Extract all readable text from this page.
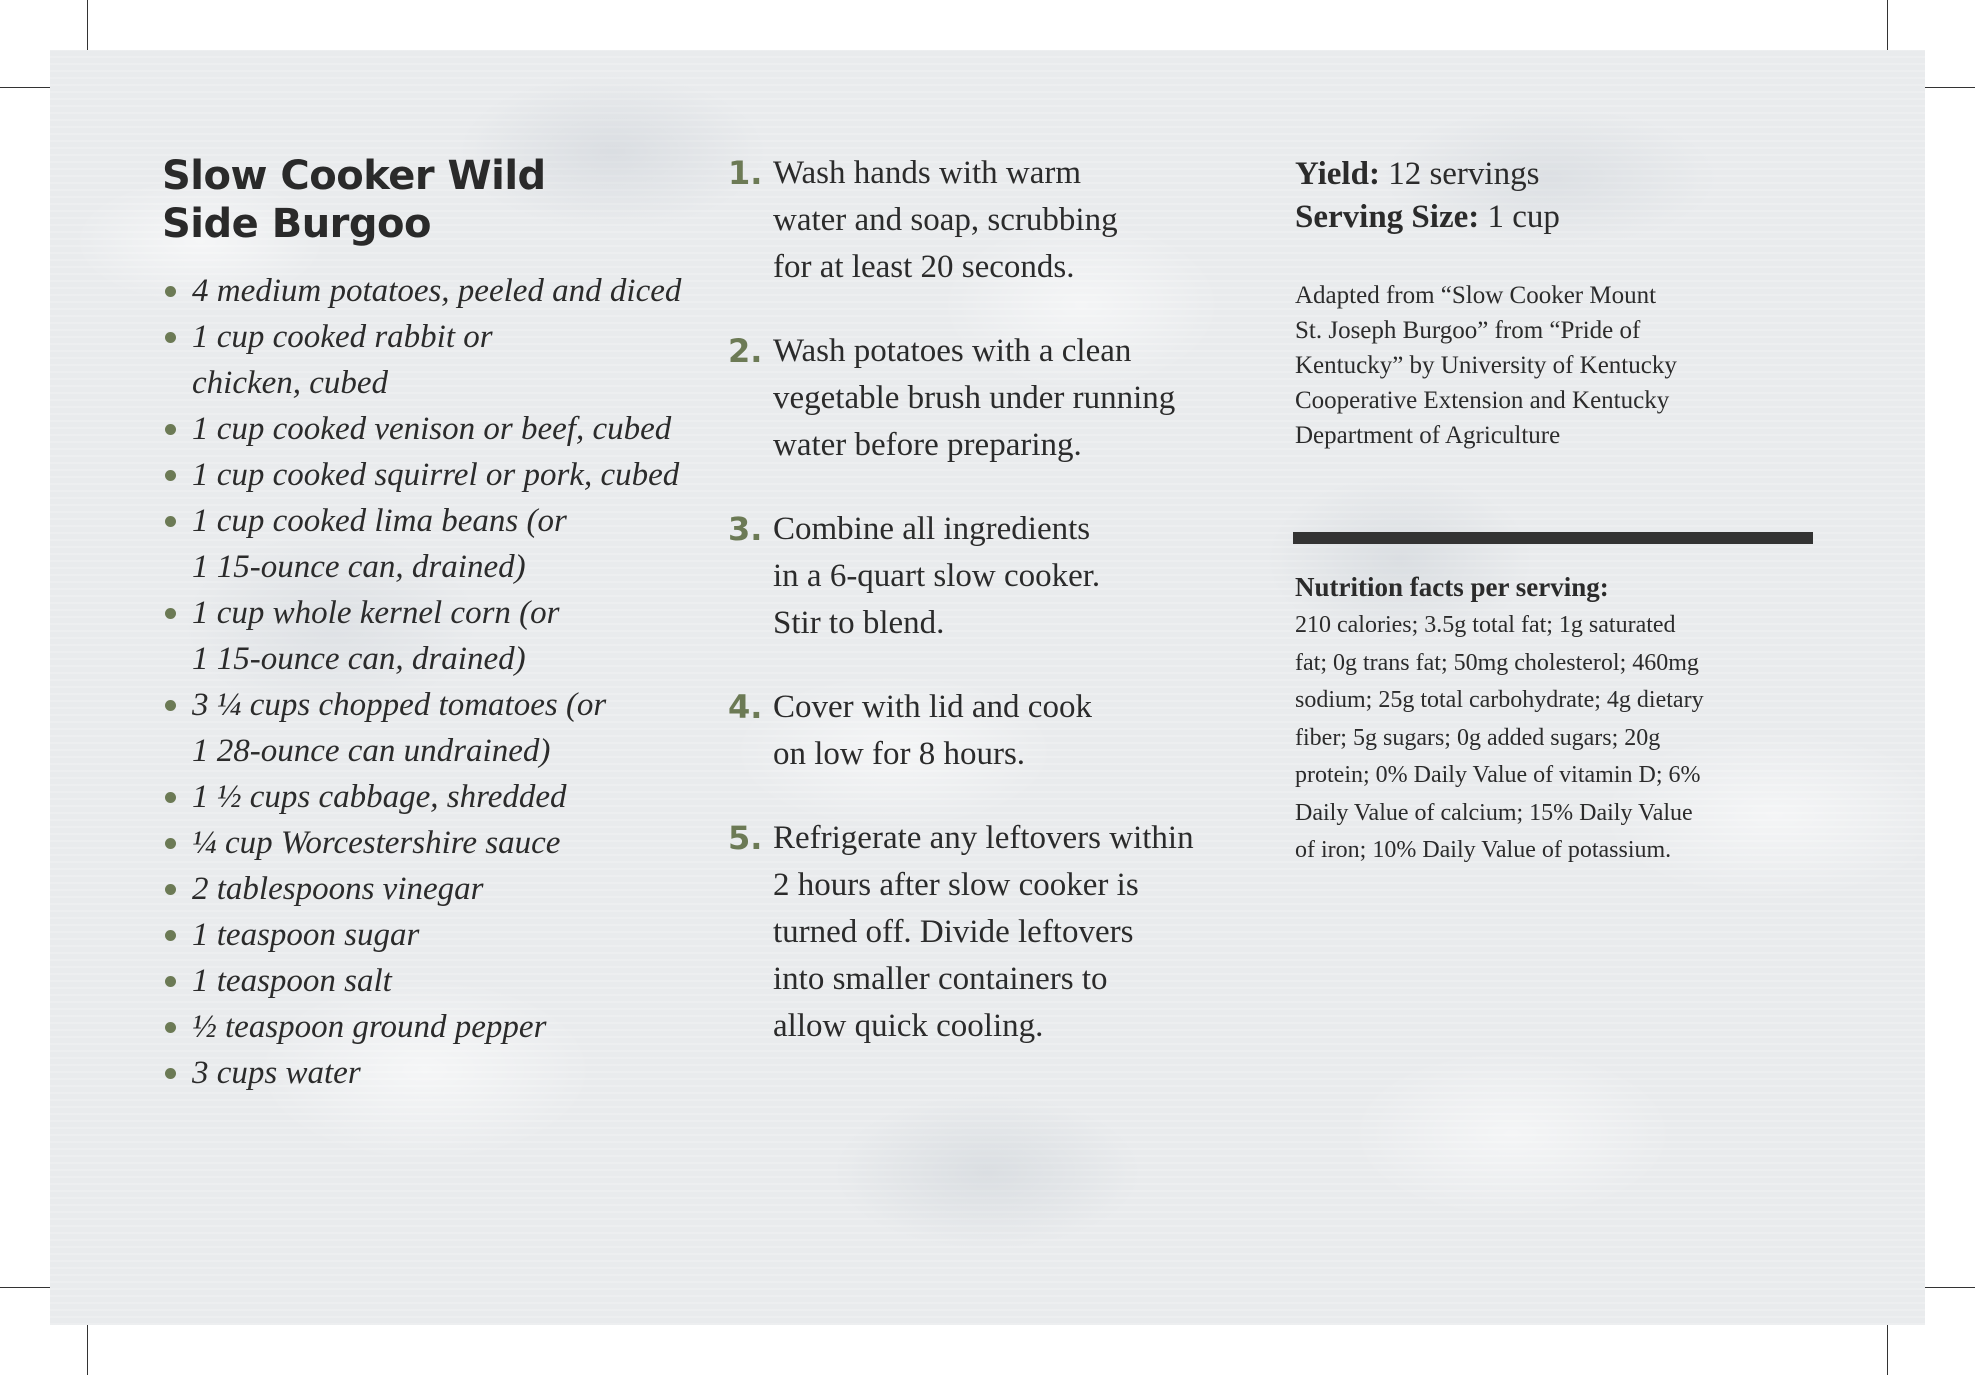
Slow Cooker Wild
Side Burgoo
4 medium potatoes, peeled and diced
1 cup cooked rabbit or
chicken, cubed
1 cup cooked venison or beef, cubed
1 cup cooked squirrel or pork, cubed
1 cup cooked lima beans (or
1 15-ounce can, drained)
1 cup whole kernel corn (or
1 15-ounce can, drained)
3 ¼ cups chopped tomatoes (or
1 28-ounce can undrained)
1 ½ cups cabbage, shredded
¼ cup Worcestershire sauce
2 tablespoons vinegar
1 teaspoon sugar
1 teaspoon salt
½ teaspoon ground pepper
3 cups water
1. Wash hands with warm
water and soap, scrubbing
for at least 20 seconds.
2. Wash potatoes with a clean
vegetable brush under running
water before preparing.
3. Combine all ingredients
in a 6-quart slow cooker.
Stir to blend.
4. Cover with lid and cook
on low for 8 hours.
5. Refrigerate any leftovers within
2 hours after slow cooker is
turned off. Divide leftovers
into smaller containers to
allow quick cooling.

Yield: 12 servings
Serving Size: 1 cup

Adapted from “Slow Cooker Mount
St. Joseph Burgoo” from “Pride of
Kentucky” by University of Kentucky
Cooperative Extension and Kentucky
Department of Agriculture

Nutrition facts per serving:

210 calories; 3.5g total fat; 1g saturated
fat; 0g trans fat; 50mg cholesterol; 460mg
sodium; 25g total carbohydrate; 4g dietary
fiber; 5g sugars; 0g added sugars; 20g
protein; 0% Daily Value of vitamin D; 6%
Daily Value of calcium; 15% Daily Value
of iron; 10% Daily Value of potassium.
